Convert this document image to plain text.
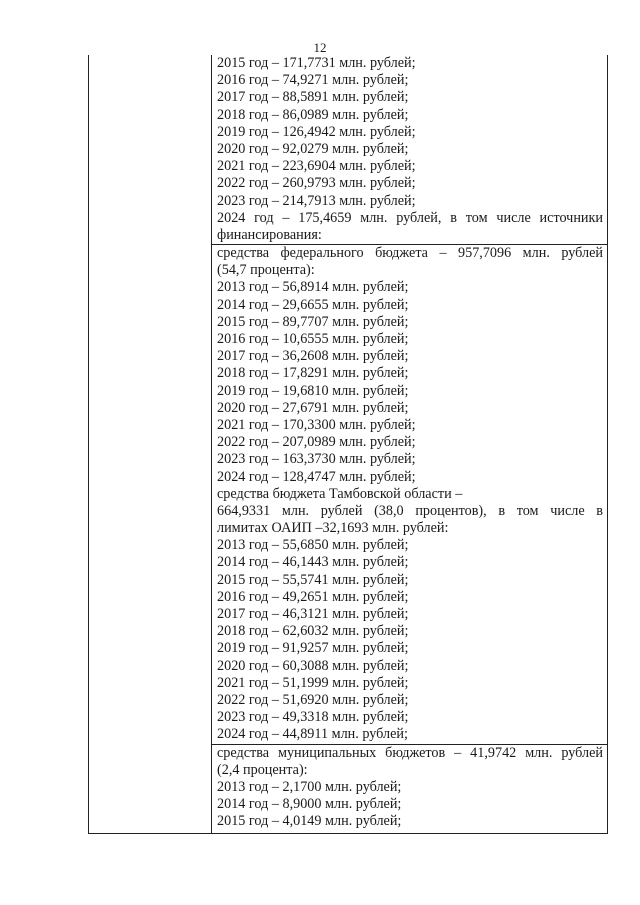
12
2015 год – 171,7731 млн. рублей;
2016 год – 74,9271 млн. рублей;
2017 год – 88,5891 млн. рублей;
2018 год – 86,0989 млн. рублей;
2019 год – 126,4942 млн. рублей;
2020 год – 92,0279 млн. рублей;
2021 год – 223,6904 млн. рублей;
2022 год – 260,9793 млн. рублей;
2023 год – 214,7913 млн. рублей;
2024 год – 175,4659 млн. рублей, в том числе источники
финансирования:
средства федерального бюджета – 957,7096 млн. рублей
(54,7 процента):
2013 год – 56,8914 млн. рублей;
2014 год – 29,6655 млн. рублей;
2015 год – 89,7707 млн. рублей;
2016 год – 10,6555 млн. рублей;
2017 год – 36,2608 млн. рублей;
2018 год – 17,8291 млн. рублей;
2019 год – 19,6810 млн. рублей;
2020 год – 27,6791 млн. рублей;
2021 год – 170,3300 млн. рублей;
2022 год – 207,0989 млн. рублей;
2023 год – 163,3730 млн. рублей;
2024 год – 128,4747 млн. рублей;
средства бюджета Тамбовской области –
664,9331 млн. рублей (38,0 процентов), в том числе в
лимитах ОАИП –32,1693 млн. рублей:
2013 год – 55,6850 млн. рублей;
2014 год – 46,1443 млн. рублей;
2015 год – 55,5741 млн. рублей;
2016 год – 49,2651 млн. рублей;
2017 год – 46,3121 млн. рублей;
2018 год – 62,6032 млн. рублей;
2019 год – 91,9257 млн. рублей;
2020 год – 60,3088 млн. рублей;
2021 год – 51,1999 млн. рублей;
2022 год – 51,6920 млн. рублей;
2023 год – 49,3318 млн. рублей;
2024 год – 44,8911 млн. рублей;
средства муниципальных бюджетов – 41,9742 млн. рублей
(2,4 процента):
2013 год – 2,1700 млн. рублей;
2014 год – 8,9000 млн. рублей;
2015 год – 4,0149 млн. рублей;
